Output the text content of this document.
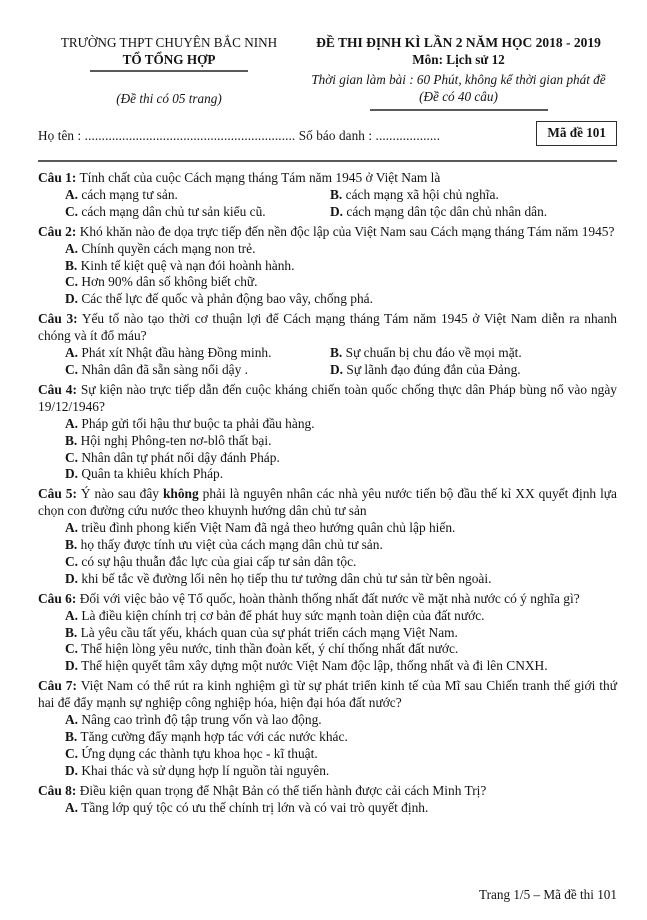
TRƯỜNG THPT CHUYÊN BẮC NINH
TỔ TỔNG HỢP
(Đề thi có 05 trang)
ĐỀ THI ĐỊNH KÌ LẦN 2 NĂM HỌC 2018 - 2019
Môn: Lịch sử 12
Thời gian làm bài : 60 Phút, không kể thời gian phát đề
(Đề có 40 câu)
Họ tên : .............................................................. Số báo danh : ...................	Mã đề 101

Câu 1: Tính chất của cuộc Cách mạng tháng Tám năm 1945 ở Việt Nam là

A. cách mạng tư sản.	B. cách mạng xã hội chủ nghĩa.
C. cách mạng dân chủ tư sản kiểu cũ.	D. cách mạng dân tộc dân chủ nhân dân.

Câu 2: Khó khăn nào đe dọa trực tiếp đến nền độc lập của Việt Nam sau Cách mạng tháng Tám năm 1945?

A. Chính quyền cách mạng non trẻ.
B. Kinh tế kiệt quệ và nạn đói hoành hành.
C. Hơn 90% dân số không biết chữ.
D. Các thế lực đế quốc và phản động bao vây, chống phá.

Câu 3: Yếu tố nào tạo thời cơ thuận lợi để Cách mạng tháng Tám năm 1945 ở Việt Nam diễn ra nhanh chóng và ít đổ máu?

A. Phát xít Nhật đầu hàng Đồng minh.	B. Sự chuẩn bị chu đáo về mọi mặt.
C. Nhân dân đã sẵn sàng nổi dậy .	D. Sự lãnh đạo đúng đắn của Đảng.

Câu 4: Sự kiện nào trực tiếp dẫn đến cuộc kháng chiến toàn quốc chống thực dân Pháp bùng nổ vào ngày 19/12/1946?

A. Pháp gửi tối hậu thư buộc ta phải đầu hàng.
B. Hội nghị Phông-ten nơ-blô thất bại.
C. Nhân dân tự phát nổi dậy đánh Pháp.
D. Quân ta khiêu khích Pháp.

Câu 5: Ý nào sau đây không phải là nguyên nhân các nhà yêu nước tiến bộ đầu thế kỉ XX quyết định lựa chọn con đường cứu nước theo khuynh hướng dân chủ tư sản

A. triều đình phong kiến Việt Nam đã ngả theo hướng quân chủ lập hiến.
B. họ thấy được tính ưu việt của cách mạng dân chủ tư sản.
C. có sự hậu thuẫn đắc lực của giai cấp tư sản dân tộc.
D. khi bế tắc về đường lối nên họ tiếp thu tư tưởng dân chủ tư sản từ bên ngoài.

Câu 6: Đối với việc bảo vệ Tổ quốc, hoàn thành thống nhất đất nước về mặt nhà nước có ý nghĩa gì?

A. Là điều kiện chính trị cơ bản để phát huy sức mạnh toàn diện của đất nước.
B. Là yêu cầu tất yếu, khách quan của sự phát triển cách mạng Việt Nam.
C. Thể hiện lòng yêu nước, tinh thần đoàn kết, ý chí thống nhất đất nước.
D. Thể hiện quyết tâm xây dựng một nước Việt Nam độc lập, thống nhất và đi lên CNXH.

Câu 7: Việt Nam có thể rút ra kinh nghiệm gì từ sự phát triển kinh tế của Mĩ sau Chiến tranh thế giới thứ hai để đẩy mạnh sự nghiệp công nghiệp hóa, hiện đại hóa đất nước?

A. Nâng cao trình độ tập trung vốn và lao động.
B. Tăng cường đẩy mạnh hợp tác với các nước khác.
C. Ứng dụng các thành tựu khoa học - kĩ thuật.
D. Khai thác và sử dụng hợp lí nguồn tài nguyên.

Câu 8: Điều kiện quan trọng để Nhật Bản có thể tiến hành được cải cách Minh Trị?

A. Tầng lớp quý tộc có ưu thế chính trị lớn và có vai trò quyết định.
Trang 1/5 – Mã đề thi 101
